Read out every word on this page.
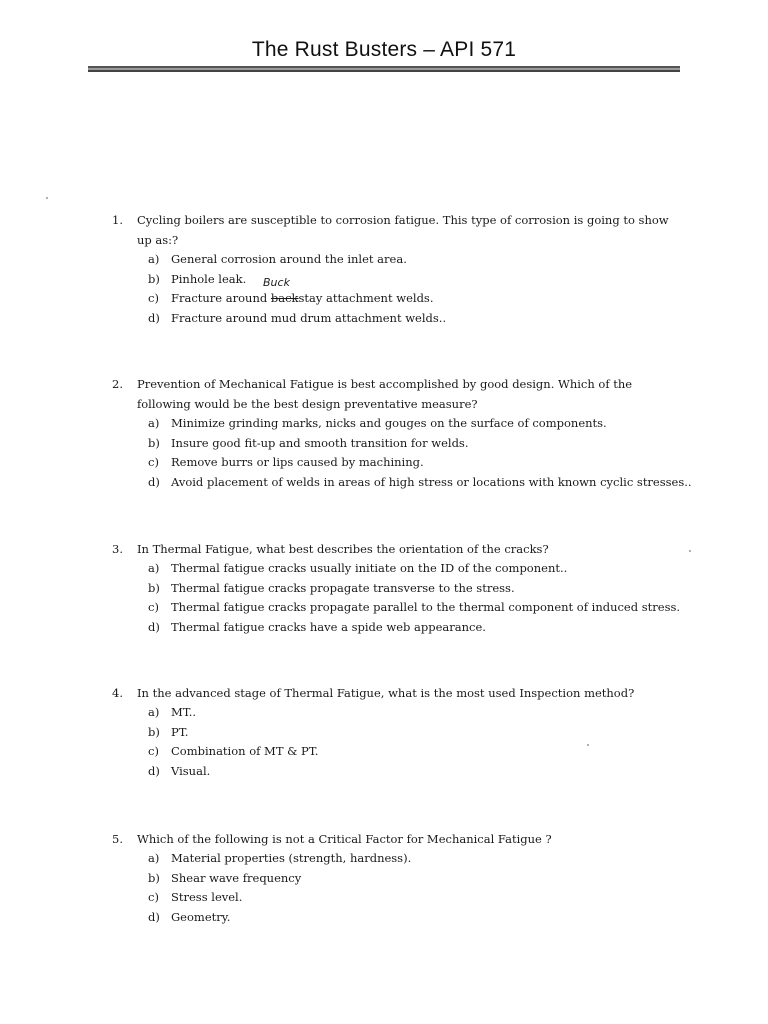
The Rust Busters – API 571
1. Cycling boilers are susceptible to corrosion fatigue. This type of corrosion is going to show up as:?
a) General corrosion around the inlet area.
b) Pinhole leak.
c) Fracture around backstay attachment welds.
d) Fracture around mud drum attachment welds..
Buck
2. Prevention of Mechanical Fatigue is best accomplished by good design. Which of the following would be the best design preventative measure?
a) Minimize grinding marks, nicks and gouges on the surface of components.
b) Insure good fit-up and smooth transition for welds.
c) Remove burrs or lips caused by machining.
d) Avoid placement of welds in areas of high stress or locations with known cyclic stresses..
3. In Thermal Fatigue, what best describes the orientation of the cracks?
a) Thermal fatigue cracks usually initiate on the ID of the component..
b) Thermal fatigue cracks propagate transverse to the stress.
c) Thermal fatigue cracks propagate parallel to the thermal component of induced stress.
d) Thermal fatigue cracks have a spide web appearance.
4. In the advanced stage of Thermal Fatigue, what is the most used Inspection method?
a) MT..
b) PT.
c) Combination of MT & PT.
d) Visual.
5. Which of the following is not a Critical Factor for Mechanical Fatigue ?
a) Material properties (strength, hardness).
b) Shear wave frequency
c) Stress level.
d) Geometry.
